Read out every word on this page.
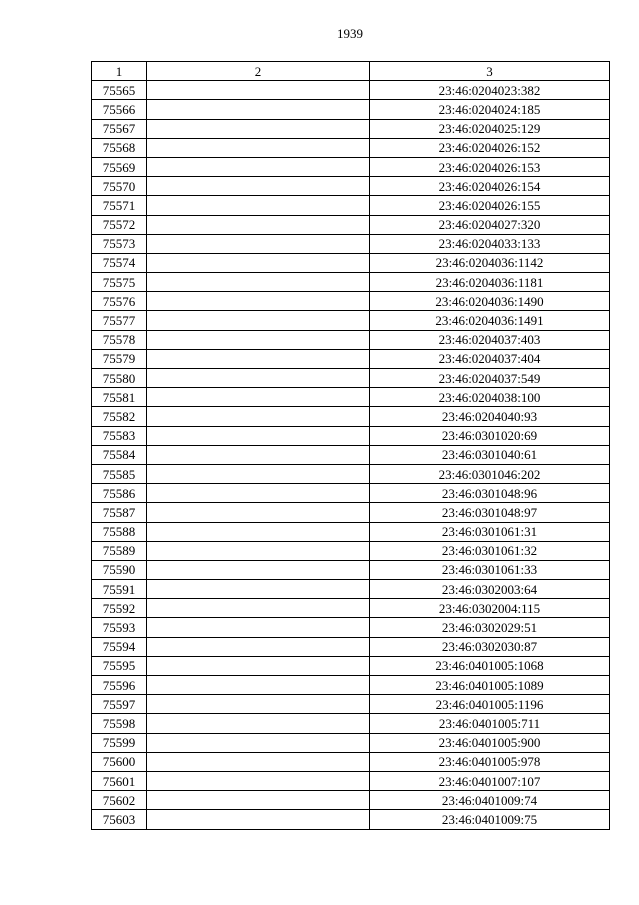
1939
1	2	3
75565		23:46:0204023:382
75566		23:46:0204024:185
75567		23:46:0204025:129
75568		23:46:0204026:152
75569		23:46:0204026:153
75570		23:46:0204026:154
75571		23:46:0204026:155
75572		23:46:0204027:320
75573		23:46:0204033:133
75574		23:46:0204036:1142
75575		23:46:0204036:1181
75576		23:46:0204036:1490
75577		23:46:0204036:1491
75578		23:46:0204037:403
75579		23:46:0204037:404
75580		23:46:0204037:549
75581		23:46:0204038:100
75582		23:46:0204040:93
75583		23:46:0301020:69
75584		23:46:0301040:61
75585		23:46:0301046:202
75586		23:46:0301048:96
75587		23:46:0301048:97
75588		23:46:0301061:31
75589		23:46:0301061:32
75590		23:46:0301061:33
75591		23:46:0302003:64
75592		23:46:0302004:115
75593		23:46:0302029:51
75594		23:46:0302030:87
75595		23:46:0401005:1068
75596		23:46:0401005:1089
75597		23:46:0401005:1196
75598		23:46:0401005:711
75599		23:46:0401005:900
75600		23:46:0401005:978
75601		23:46:0401007:107
75602		23:46:0401009:74
75603		23:46:0401009:75
